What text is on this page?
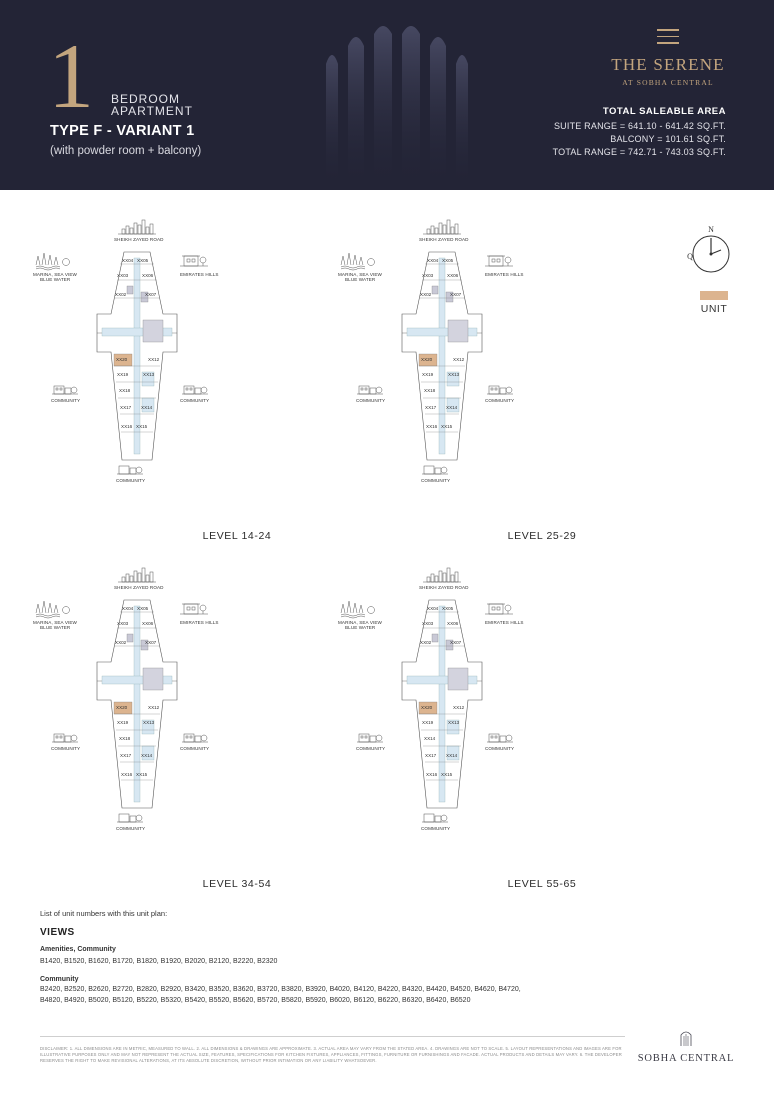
1 BEDROOM
APARTMENT
TYPE F - VARIANT 1
(with powder room + balcony)
THE SERENE
AT SOBHA CENTRAL
TOTAL SALEABLE AREA
SUITE RANGE = 641.10 - 641.42 SQ.FT.
BALCONY = 101.61 SQ.FT.
TOTAL RANGE = 742.71 - 743.03 SQ.FT.
N
Q
UNIT
SHEIKH ZAYED ROAD
MARINA, SEA VIEW
BLUE WATER
EMIRATES HILLS
COMMUNITY	COMMUNITY
COMMUNITY
XX04 XX05
XX03	XX06
XX02	XX07
XX20	XX12
XX19	XX13
XX18
XX17 XX14
XX16 XX15
SHEIKH ZAYED ROAD
MARINA, SEA VIEW
BLUE WATER
EMIRATES HILLS
COMMUNITY	COMMUNITY
COMMUNITY
XX04 XX05
XX03	XX06
XX02	XX07
XX20	XX12
XX19	XX13
XX18
XX17 XX14
XX16 XX15
SHEIKH ZAYED ROAD
MARINA, SEA VIEW
BLUE WATER
EMIRATES HILLS
COMMUNITY	COMMUNITY
COMMUNITY
XX04 XX05
XX03	XX06
XX02	XX07
XX20	XX12
XX19	XX13
XX18
XX17 XX14
XX16 XX15
SHEIKH ZAYED ROAD
MARINA, SEA VIEW
BLUE WATER
EMIRATES HILLS
COMMUNITY	COMMUNITY
COMMUNITY
XX04 XX05
XX03	XX06
XX02	XX07
XX20	XX12
XX19	XX13
XX14
XX17 XX14
XX16 XX15
LEVEL 14-24	LEVEL 25-29
LEVEL 34-54	LEVEL 55-65
List of unit numbers with this unit plan:
VIEWS
Amenities, Community
B1420, B1520, B1620, B1720, B1820, B1920, B2020, B2120, B2220, B2320
Community
B2420, B2520, B2620, B2720, B2820, B2920, B3420, B3520, B3620, B3720, B3820, B3920, B4020, B4120, B4220, B4320, B4420, B4520, B4620, B4720, B4820, B4920, B5020, B5120, B5220, B5320, B5420, B5520, B5620, B5720, B5820, B5920, B6020, B6120, B6220, B6320, B6420, B6520
DISCLAIMER: 1. ALL DIMENSIONS ARE IN METRIC, MEASURED TO WALL. 2. ALL DIMENSIONS & DRAWINGS ARE APPROXIMATE. 3. ACTUAL AREA MAY VARY FROM THE STATED AREA. 4. DRAWINGS ARE NOT TO SCALE. 5. LAYOUT REPRESENTATIONS AND IMAGES ARE FOR ILLUSTRATIVE PURPOSES ONLY AND MAY NOT REPRESENT THE ACTUAL SIZE, FEATURES, SPECIFICATIONS FOR KITCHEN FIXTURES, APPLIANCES, FITTINGS, FURNITURE OR FURNISHINGS AND FACADE. ACTUAL PRODUCTS AND DETAILS MAY VARY. 6. THE DEVELOPER RESERVES THE RIGHT TO MAKE REVISIONAL ALTERATIONS, AT ITS ABSOLUTE DISCRETION, WITHOUT PRIOR INTIMATION OR ANY LIABILITY WHATSOEVER.	SOBHA CENTRAL
